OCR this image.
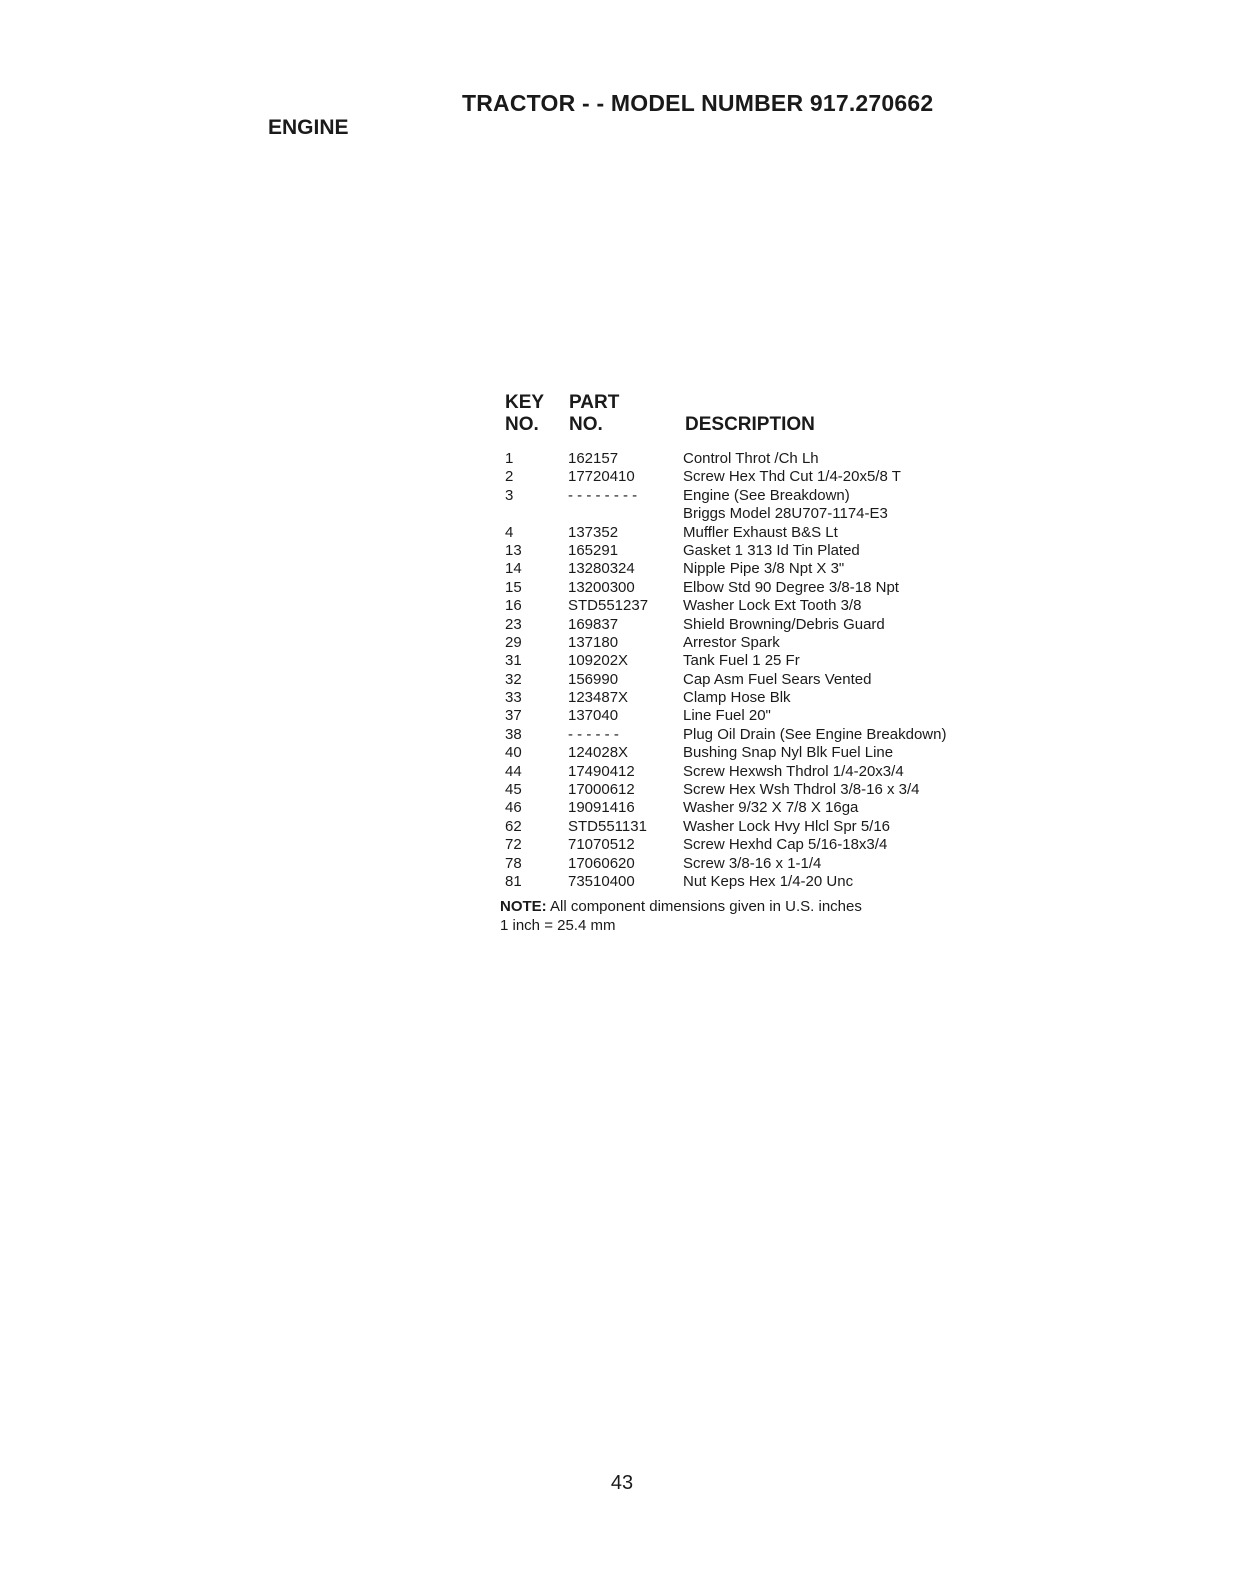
TRACTOR - - MODEL NUMBER 917.270662
ENGINE
KEY
NO.
PART
NO.	DESCRIPTION
1	162157	Control Throt /Ch Lh
2	17720410	Screw Hex Thd Cut 1/4-20x5/8 T
3	- - - - - - - -	Engine (See Breakdown)
Briggs Model 28U707-1174-E3
4	137352	Muffler Exhaust B&S Lt
13	165291	Gasket 1 313 Id Tin Plated
14	13280324	Nipple Pipe 3/8 Npt X 3"
15	13200300	Elbow Std 90 Degree 3/8-18 Npt
16	STD551237 Washer Lock Ext Tooth 3/8
23	169837	Shield Browning/Debris Guard
29	137180	Arrestor Spark
31	109202X	Tank Fuel 1 25 Fr
32	156990	Cap Asm Fuel Sears Vented
33	123487X	Clamp Hose Blk
37	137040	Line Fuel 20"
38	- - - - - -	Plug Oil Drain (See Engine Breakdown)
40	124028X	Bushing Snap Nyl Blk Fuel Line
44	17490412	Screw Hexwsh Thdrol 1/4-20x3/4
45	17000612	Screw Hex Wsh Thdrol 3/8-16 x 3/4
46	19091416	Washer 9/32 X 7/8 X 16ga
62	STD551131 Washer Lock Hvy Hlcl Spr 5/16
72	71070512	Screw Hexhd Cap 5/16-18x3/4
78	17060620	Screw 3/8-16 x 1-1/4
81	73510400	Nut Keps Hex 1/4-20 Unc
NOTE: All component dimensions given in U.S. inches
1 inch = 25.4 mm
43
